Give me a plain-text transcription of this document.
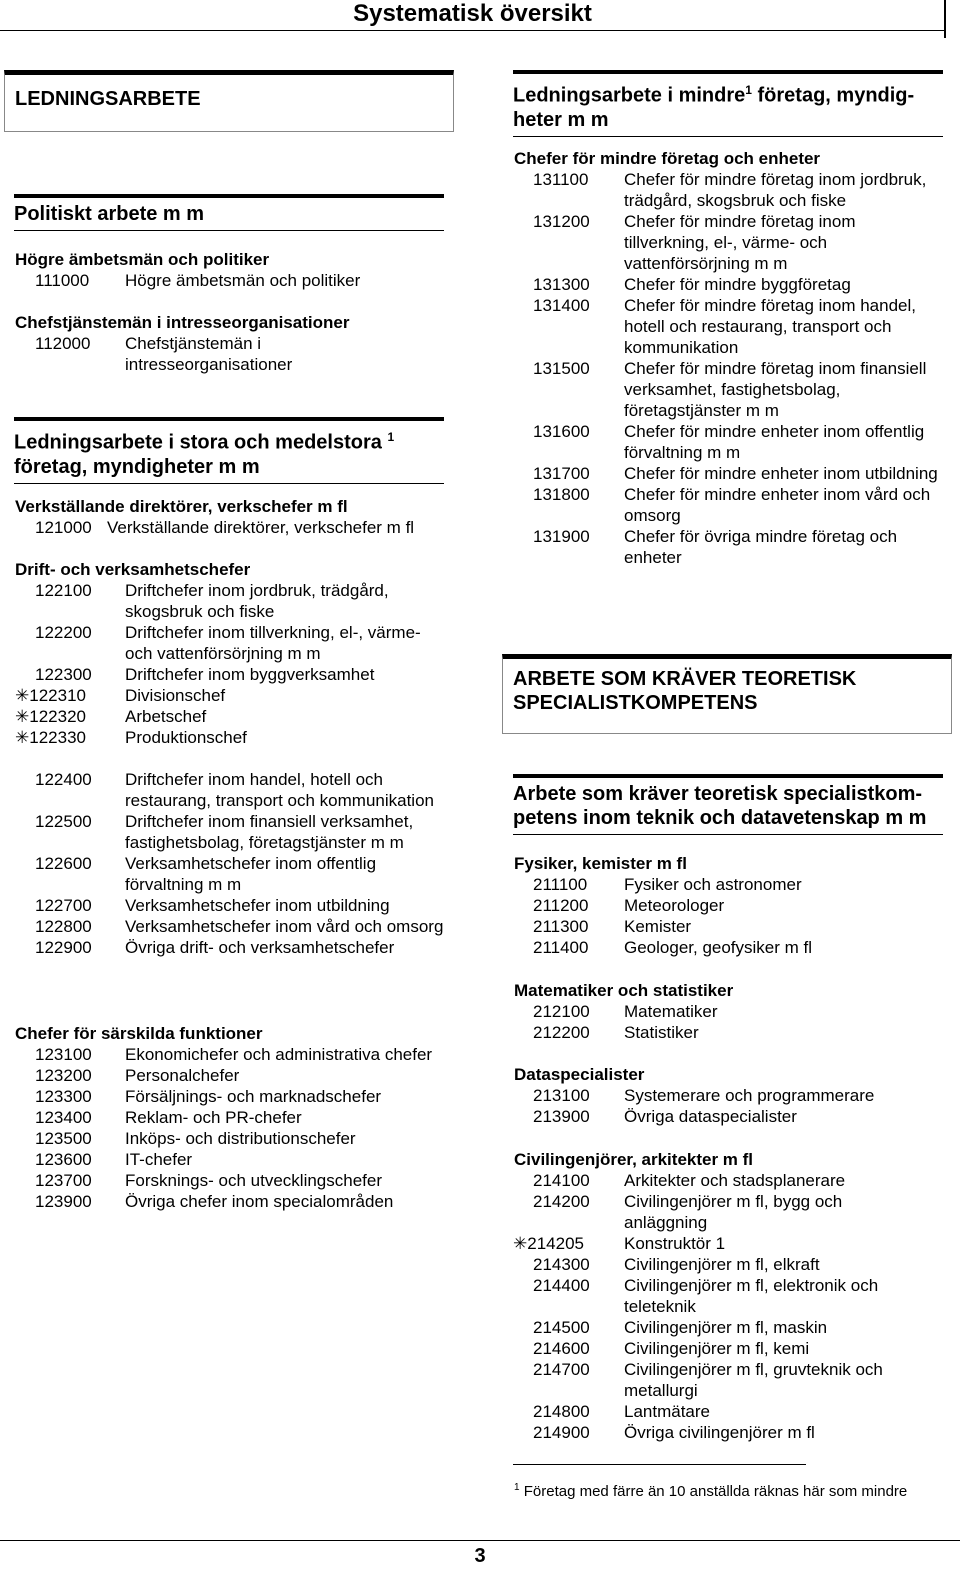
Systematisk översikt
LEDNINGSARBETE
Politiskt arbete m m
Högre ämbetsmän och politiker
111000 Högre ämbetsmän och politiker
Chefstjänstemän i intresseorganisationer
112000 Chefstjänstemän i intresseorganisationer
Ledningsarbete i stora och medelstora $^1$
företag, myndigheter m m
Verkställande direktörer, verkschefer m fl
121000 Verkställande direktörer, verkschefer m fl
Drift- och verksamhetschefer
122100 Driftchefer inom jordbruk, trädgård, skogsbruk och fiske
122200 Driftchefer inom tillverkning, el-, värme- och vattenförsörjning m m
122300 Driftchefer inom byggverksamhet
✳122310 Divisionschef
✳122320 Arbetschef
✳122330 Produktionschef
122400 Driftchefer inom handel, hotell och restaurang, transport och kommunikation
122500 Driftchefer inom finansiell verksamhet, fastighetsbolag, företagstjänster m m
122600 Verksamhetschefer inom offentlig förvaltning m m
122700 Verksamhetschefer inom utbildning
122800 Verksamhetschefer inom vård och omsorg
122900 Övriga drift- och verksamhetschefer
Chefer för särskilda funktioner
123100 Ekonomichefer och administrativa chefer
123200 Personalchefer
123300 Försäljnings- och marknadschefer
123400 Reklam- och PR-chefer
123500 Inköps- och distributionschefer
123600 IT-chefer
123700 Forsknings- och utvecklingschefer
123900 Övriga chefer inom specialområden
Ledningsarbete i mindre$^1$ företag, myndig-
heter m m
Chefer för mindre företag och enheter
131100 Chefer för mindre företag inom jordbruk, trädgård, skogsbruk och fiske
131200 Chefer för mindre företag inom tillverkning, el-, värme- och vattenförsörjning m m
131300 Chefer för mindre byggföretag
131400 Chefer för mindre företag inom handel, hotell och restaurang, transport och kommunikation
131500 Chefer för mindre företag inom finansiell verksamhet, fastighetsbolag, företagstjänster m m
131600 Chefer för mindre enheter inom offentlig förvaltning m m
131700 Chefer för mindre enheter inom utbildning
131800 Chefer för mindre enheter inom vård och omsorg
131900 Chefer för övriga mindre företag och enheter
ARBETE SOM KRÄVER TEORETISK
SPECIALISTKOMPETENS
Arbete som kräver teoretisk specialistkom-
petens inom teknik och datavetenskap m m
Fysiker, kemister m fl
211100 Fysiker och astronomer
211200 Meteorologer
211300 Kemister
211400 Geologer, geofysiker m fl
Matematiker och statistiker
212100 Matematiker
212200 Statistiker
Dataspecialister
213100 Systemerare och programmerare
213900 Övriga dataspecialister
Civilingenjörer, arkitekter m fl
214100 Arkitekter och stadsplanerare
214200 Civilingenjörer m fl, bygg och anläggning
✳214205 Konstruktör 1
214300 Civilingenjörer m fl, elkraft
214400 Civilingenjörer m fl, elektronik och teleteknik
214500 Civilingenjörer m fl, maskin
214600 Civilingenjörer m fl, kemi
214700 Civilingenjörer m fl, gruvteknik och metallurgi
214800 Lantmätare
214900 Övriga civilingenjörer m fl
$^1$ Företag med färre än 10 anställda räknas här som mindre
3
